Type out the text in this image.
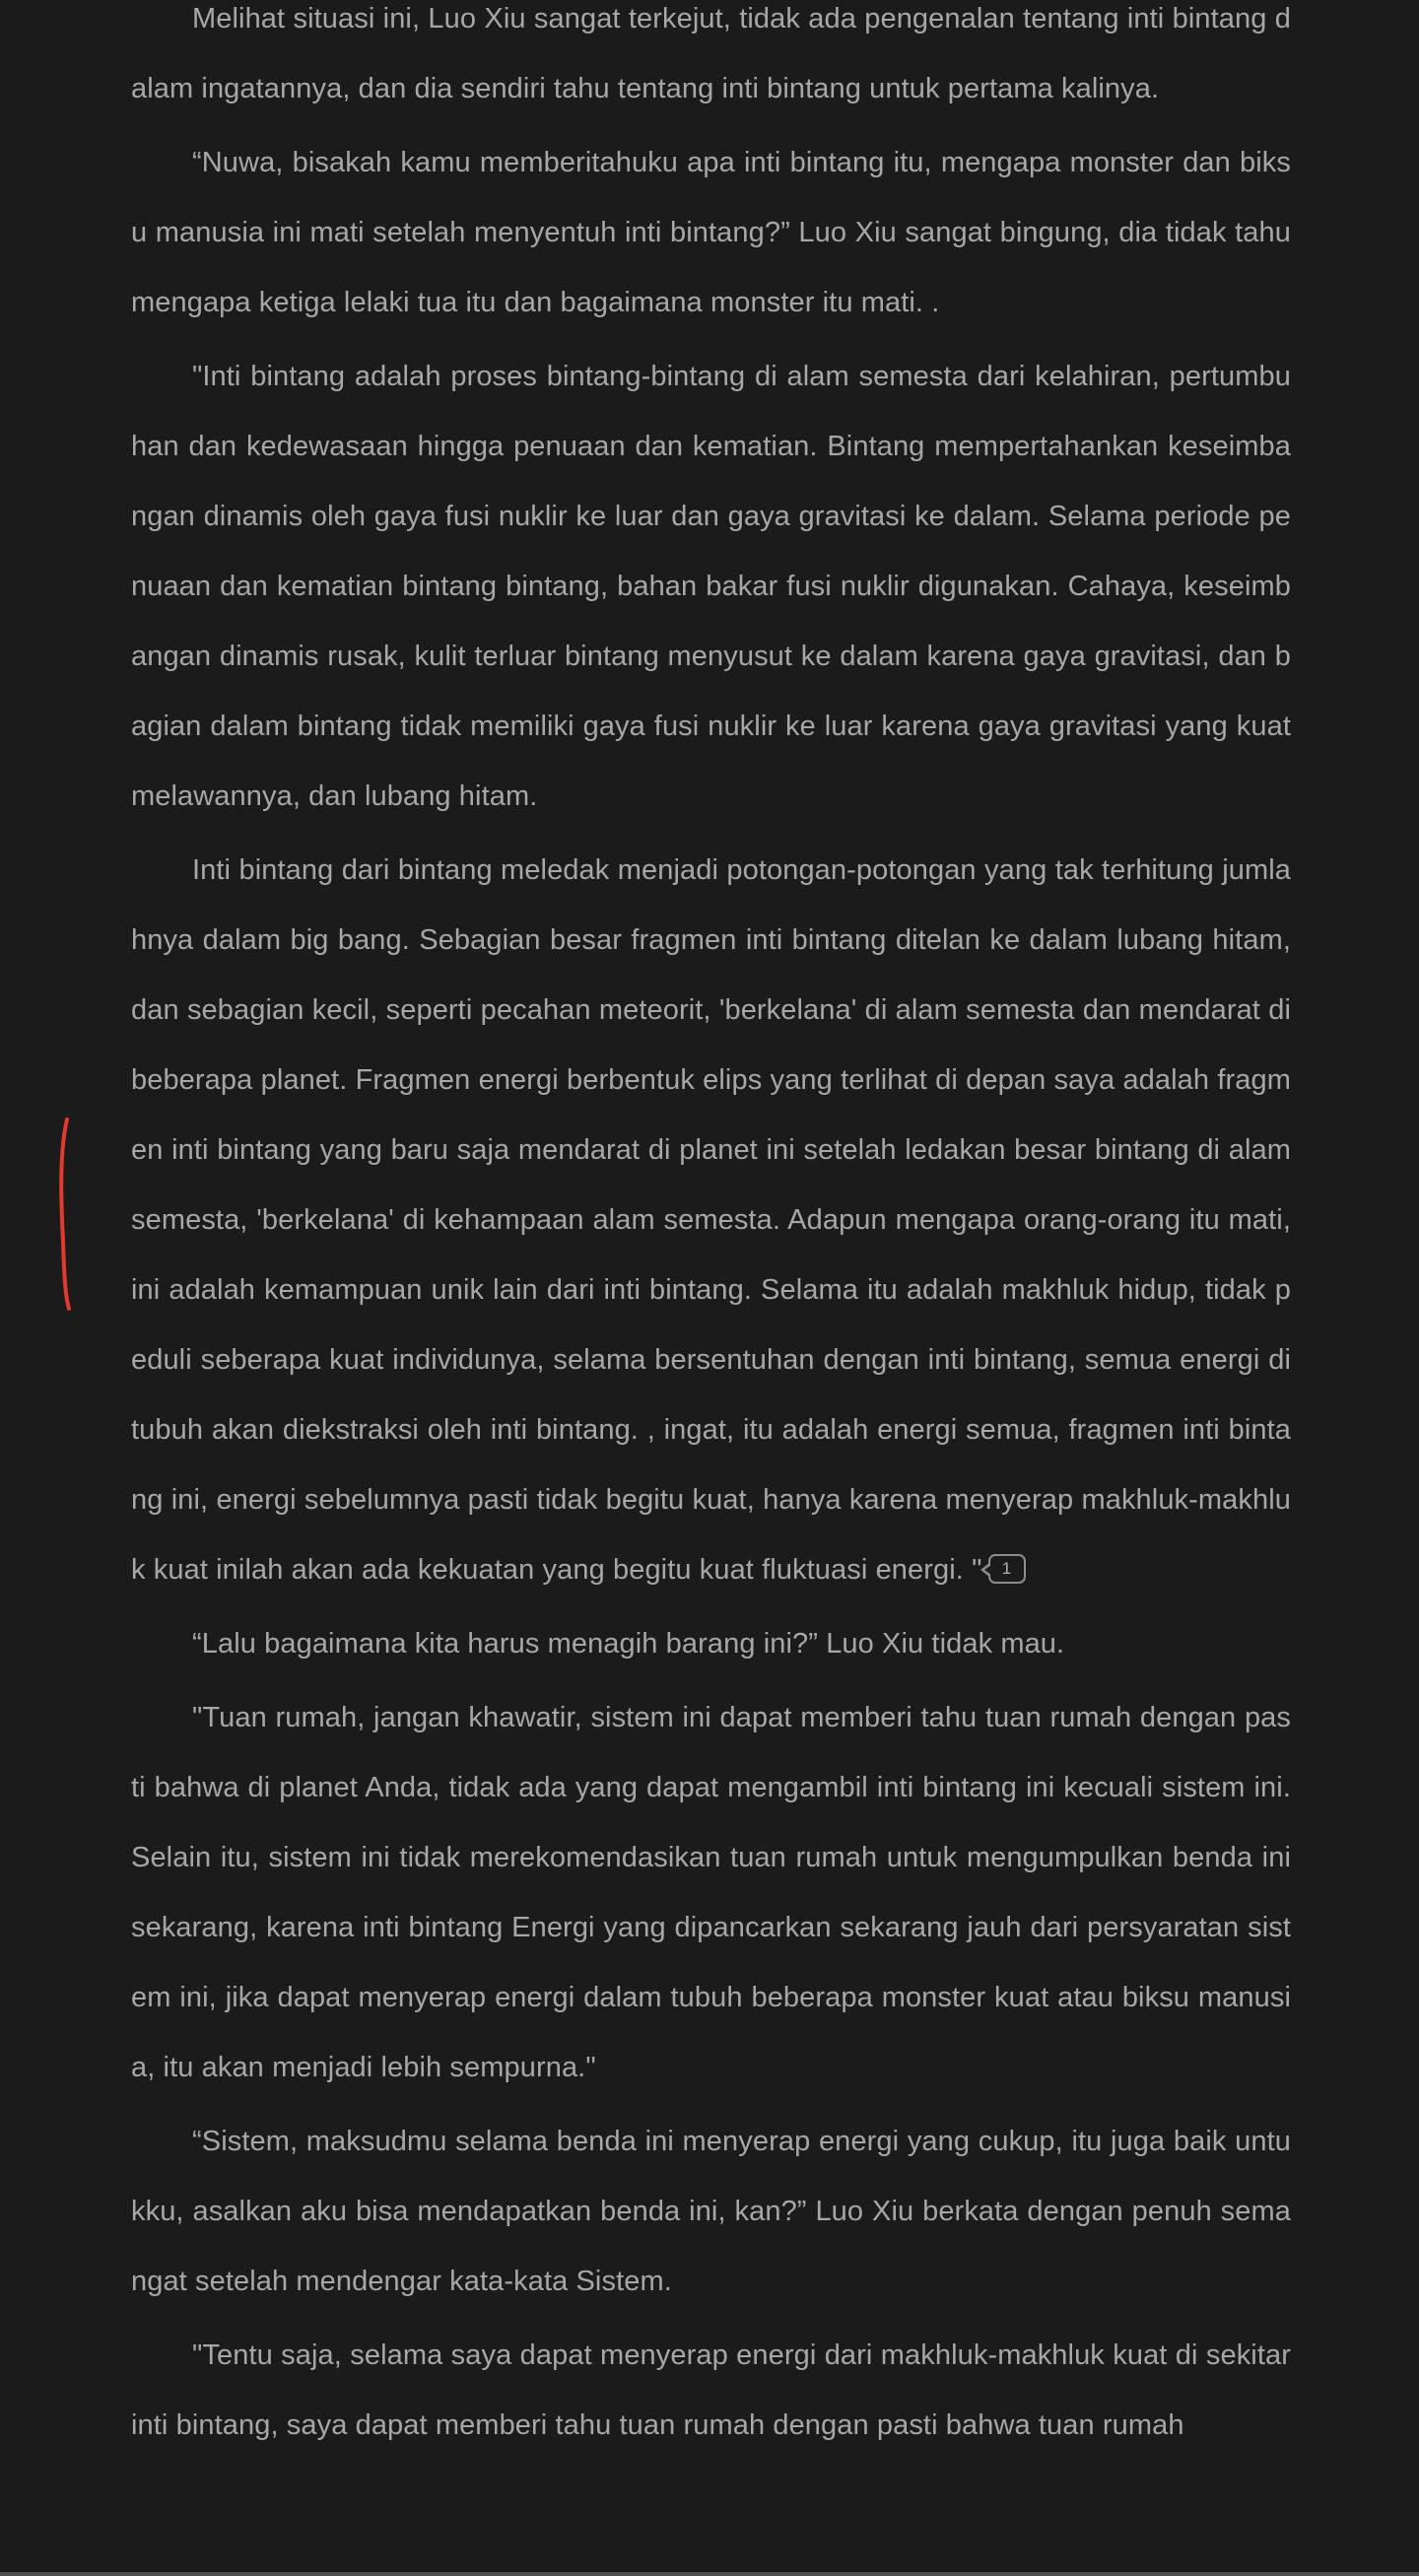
Melihat situasi ini, Luo Xiu sangat terkejut, tidak ada pengenalan tentang inti bintang dalam ingatannya, dan dia sendiri tahu tentang inti bintang untuk pertama kalinya.

“Nuwa, bisakah kamu memberitahuku apa inti bintang itu, mengapa monster dan biksu manusia ini mati setelah menyentuh inti bintang?” Luo Xiu sangat bingung, dia tidak tahu mengapa ketiga lelaki tua itu dan bagaimana monster itu mati. .

"Inti bintang adalah proses bintang-bintang di alam semesta dari kelahiran, pertumbuhan dan kedewasaan hingga penuaan dan kematian. Bintang mempertahankan keseimbangan dinamis oleh gaya fusi nuklir ke luar dan gaya gravitasi ke dalam. Selama periode penuaan dan kematian bintang bintang, bahan bakar fusi nuklir digunakan. Cahaya, keseimbangan dinamis rusak, kulit terluar bintang menyusut ke dalam karena gaya gravitasi, dan bagian dalam bintang tidak memiliki gaya fusi nuklir ke luar karena gaya gravitasi yang kuat melawannya, dan lubang hitam.

Inti bintang dari bintang meledak menjadi potongan-potongan yang tak terhitung jumlahnya dalam big bang. Sebagian besar fragmen inti bintang ditelan ke dalam lubang hitam, dan sebagian kecil, seperti pecahan meteorit, 'berkelana' di alam semesta dan mendarat di beberapa planet. Fragmen energi berbentuk elips yang terlihat di depan saya adalah fragmen inti bintang yang baru saja mendarat di planet ini setelah ledakan besar bintang di alam semesta, 'berkelana' di kehampaan alam semesta. Adapun mengapa orang-orang itu mati, ini adalah kemampuan unik lain dari inti bintang. Selama itu adalah makhluk hidup, tidak peduli seberapa kuat individunya, selama bersentuhan dengan inti bintang, semua energi di tubuh akan diekstraksi oleh inti bintang. , ingat, itu adalah energi semua, fragmen inti bintang ini, energi sebelumnya pasti tidak begitu kuat, hanya karena menyerap makhluk-makhluk kuat inilah akan ada kekuatan yang begitu kuat fluktuasi energi. " 1

“Lalu bagaimana kita harus menagih barang ini?” Luo Xiu tidak mau.

"Tuan rumah, jangan khawatir, sistem ini dapat memberi tahu tuan rumah dengan pasti bahwa di planet Anda, tidak ada yang dapat mengambil inti bintang ini kecuali sistem ini. Selain itu, sistem ini tidak merekomendasikan tuan rumah untuk mengumpulkan benda ini sekarang, karena inti bintang Energi yang dipancarkan sekarang jauh dari persyaratan sistem ini, jika dapat menyerap energi dalam tubuh beberapa monster kuat atau biksu manusia, itu akan menjadi lebih sempurna."

“Sistem, maksudmu selama benda ini menyerap energi yang cukup, itu juga baik untukku, asalkan aku bisa mendapatkan benda ini, kan?” Luo Xiu berkata dengan penuh semangat setelah mendengar kata-kata Sistem.

"Tentu saja, selama saya dapat menyerap energi dari makhluk-makhluk kuat di sekitar inti bintang, saya dapat memberi tahu tuan rumah dengan pasti bahwa tuan rumah
